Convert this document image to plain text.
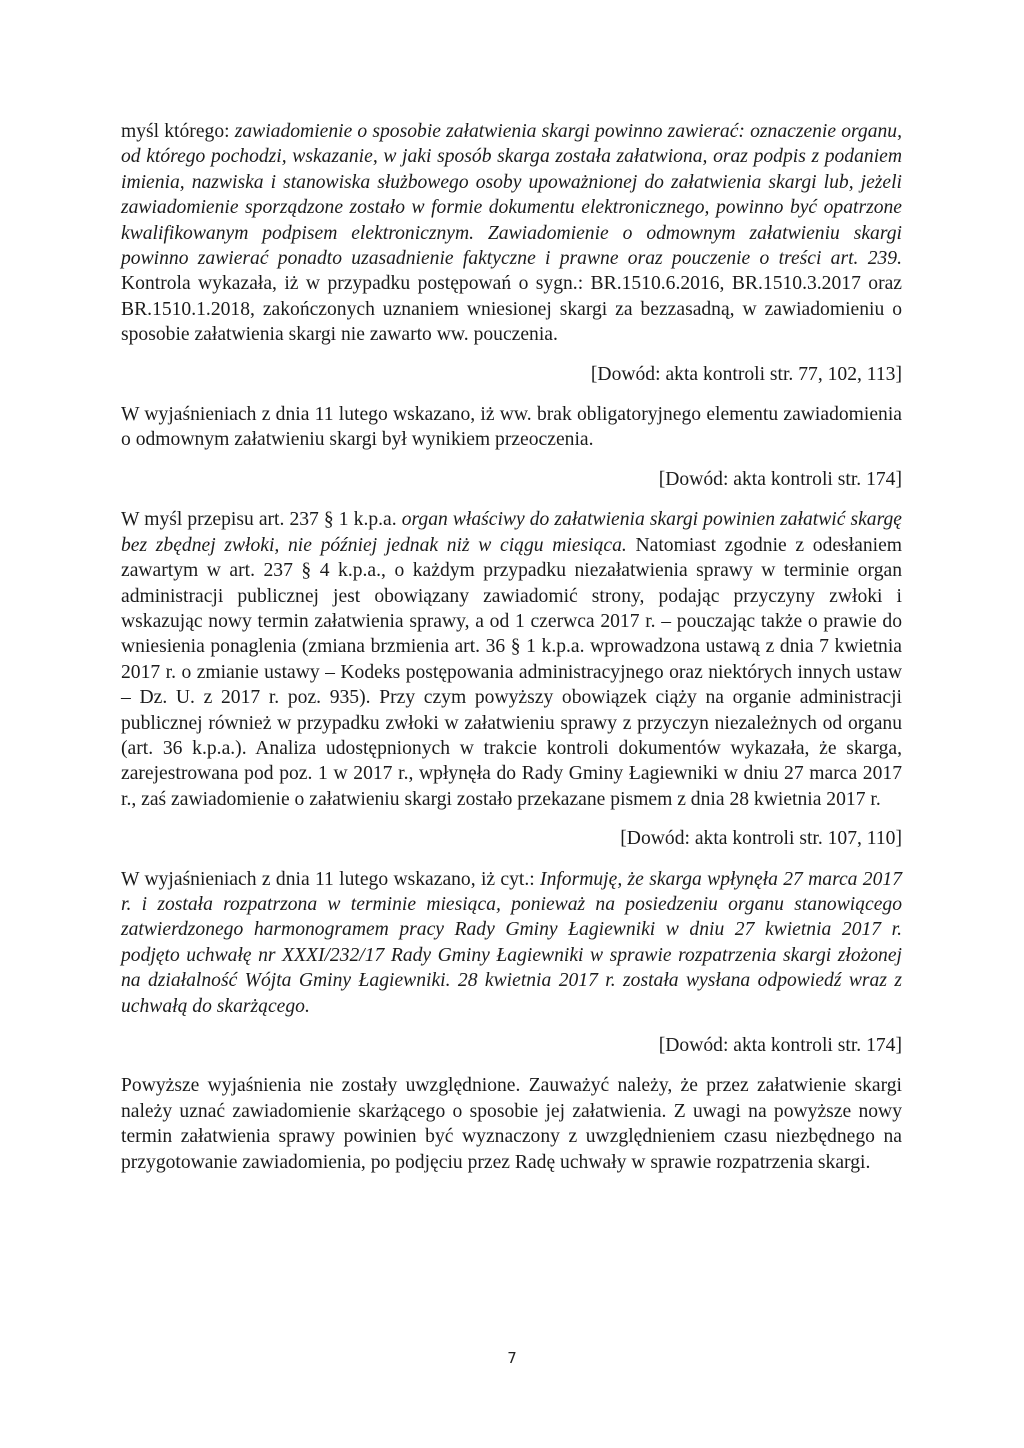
myśl którego: zawiadomienie o sposobie załatwienia skargi powinno zawierać: oznaczenie organu, od którego pochodzi, wskazanie, w jaki sposób skarga została załatwiona, oraz podpis z podaniem imienia, nazwiska i stanowiska służbowego osoby upoważnionej do załatwienia skargi lub, jeżeli zawiadomienie sporządzone zostało w formie dokumentu elektronicznego, powinno być opatrzone kwalifikowanym podpisem elektronicznym. Zawiadomienie o odmownym załatwieniu skargi powinno zawierać ponadto uzasadnienie faktyczne i prawne oraz pouczenie o treści art. 239. Kontrola wykazała, iż w przypadku postępowań o sygn.: BR.1510.6.2016, BR.1510.3.2017 oraz BR.1510.1.2018, zakończonych uznaniem wniesionej skargi za bezzasadną, w zawiadomieniu o sposobie załatwienia skargi nie zawarto ww. pouczenia.

[Dowód: akta kontroli str. 77, 102, 113]

W wyjaśnieniach z dnia 11 lutego wskazano, iż ww. brak obligatoryjnego elementu zawiadomienia o odmownym załatwieniu skargi był wynikiem przeoczenia.

[Dowód: akta kontroli str. 174]

W myśl przepisu art. 237 § 1 k.p.a. organ właściwy do załatwienia skargi powinien załatwić skargę bez zbędnej zwłoki, nie później jednak niż w ciągu miesiąca. Natomiast zgodnie z odesłaniem zawartym w art. 237 § 4 k.p.a., o każdym przypadku niezałatwienia sprawy w terminie organ administracji publicznej jest obowiązany zawiadomić strony, podając przyczyny zwłoki i wskazując nowy termin załatwienia sprawy, a od 1 czerwca 2017 r. – pouczając także o prawie do wniesienia ponaglenia (zmiana brzmienia art. 36 § 1 k.p.a. wprowadzona ustawą z dnia 7 kwietnia 2017 r. o zmianie ustawy – Kodeks postępowania administracyjnego oraz niektórych innych ustaw – Dz. U. z 2017 r. poz. 935). Przy czym powyższy obowiązek ciąży na organie administracji publicznej również w przypadku zwłoki w załatwieniu sprawy z przyczyn niezależnych od organu (art. 36 k.p.a.). Analiza udostępnionych w trakcie kontroli dokumentów wykazała, że skarga, zarejestrowana pod poz. 1 w 2017 r., wpłynęła do Rady Gminy Łagiewniki w dniu 27 marca 2017 r., zaś zawiadomienie o załatwieniu skargi zostało przekazane pismem z dnia 28 kwietnia 2017 r.

[Dowód: akta kontroli str. 107, 110]

W wyjaśnieniach z dnia 11 lutego wskazano, iż cyt.: Informuję, że skarga wpłynęła 27 marca 2017 r. i została rozpatrzona w terminie miesiąca, ponieważ na posiedzeniu organu stanowiącego zatwierdzonego harmonogramem pracy Rady Gminy Łagiewniki w dniu 27 kwietnia 2017 r. podjęto uchwałę nr XXXI/232/17 Rady Gminy Łagiewniki w sprawie rozpatrzenia skargi złożonej na działalność Wójta Gminy Łagiewniki. 28 kwietnia 2017 r. została wysłana odpowiedź wraz z uchwałą do skarżącego.

[Dowód: akta kontroli str. 174]

Powyższe wyjaśnienia nie zostały uwzględnione. Zauważyć należy, że przez załatwienie skargi należy uznać zawiadomienie skarżącego o sposobie jej załatwienia. Z uwagi na powyższe nowy termin załatwienia sprawy powinien być wyznaczony z uwzględnieniem czasu niezbędnego na przygotowanie zawiadomienia, po podjęciu przez Radę uchwały w sprawie rozpatrzenia skargi.

7
